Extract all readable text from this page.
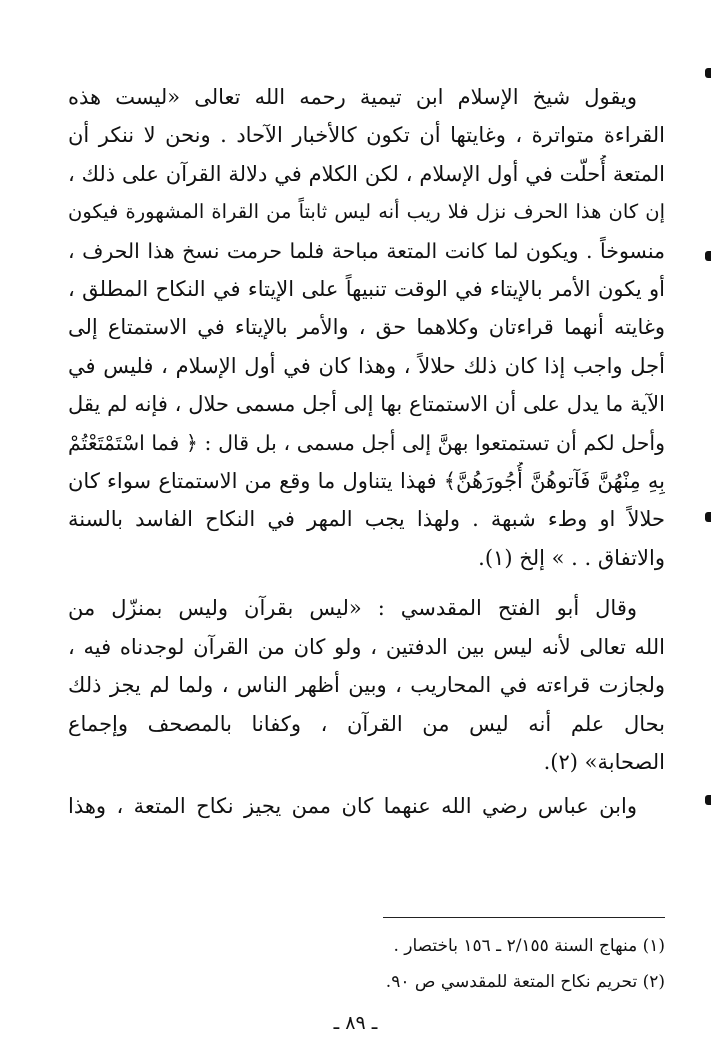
ويقول شيخ الإسلام ابن تيمية رحمه الله تعالى «ليست هذه
القراءة متواترة ، وغايتها أن تكون كالأخبار الآحاد . ونحن لا ننكر أن
المتعة أُحلّت في أول الإسلام ، لكن الكلام في دلالة القرآن على ذلك ،
إن كان هذا الحرف نزل فلا ريب أنه ليس ثابتاً من القراة المشهورة فيكون
منسوخاً . ويكون لما كانت المتعة مباحة فلما حرمت نسخ هذا الحرف ،
أو يكون الأمر بالإيتاء في الوقت تنبيهاً على الإيتاء في النكاح المطلق ،
وغايته أنهما قراءتان وكلاهما حق ، والأمر بالإيتاء في الاستمتاع إلى
أجل واجب إذا كان ذلك حلالاً ، وهذا كان في أول الإسلام ، فليس في
الآية ما يدل على أن الاستمتاع بها إلى أجل مسمى حلال ، فإنه لم يقل
وأحل لكم أن تستمتعوا بهنَّ إلى أجل مسمى ، بل قال : ﴿ فما اسْتَمْتَعْتُمْ
بِهِ مِنْهُنَّ فَآتوهُنَّ أُجُورَهُنَّ﴾ فهذا يتناول ما وقع من الاستمتاع سواء كان
حلالاً او وطء شبهة . ولهذا يجب المهر في النكاح الفاسد بالسنة
والاتفاق . . » إلخ (١).

وقال أبو الفتح المقدسي : «ليس بقرآن وليس بمنزّل من
الله تعالى لأنه ليس بين الدفتين ، ولو كان من القرآن لوجدناه فيه ،
ولجازت قراءته في المحاريب ، وبين أظهر الناس ، ولما لم يجز ذلك
بحال علم أنه ليس من القرآن ، وكفانا بالمصحف وإجماع
الصحابة» (٢).

وابن عباس رضي الله عنهما كان ممن يجيز نكاح المتعة ، وهذا

(١) منهاج السنة ٢/١٥٥ ـ ١٥٦ باختصار .
(٢) تحريم نكاح المتعة للمقدسي ص ٩٠.
ـ ٨٩ ـ
